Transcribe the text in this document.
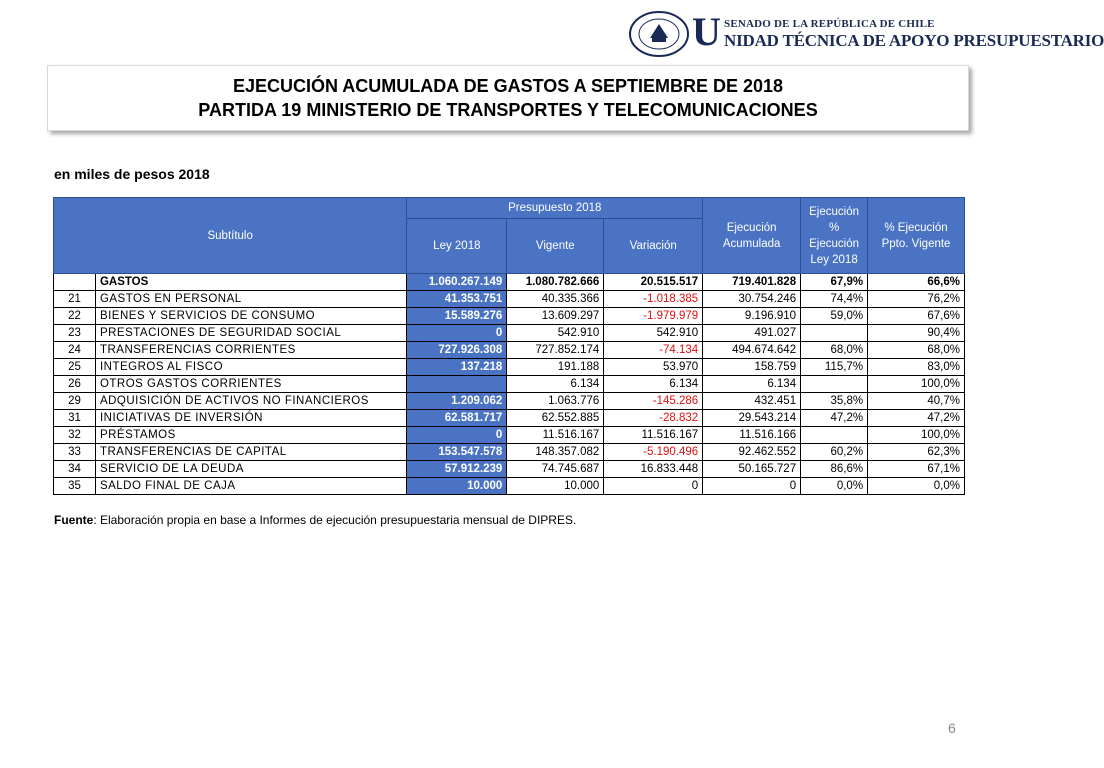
U SENADO DE LA REPÚBLICA DE CHILE
NIDAD TÉCNICA DE APOYO PRESUPUESTARIO
EJECUCIÓN ACUMULADA DE GASTOS A SEPTIEMBRE DE 2018
PARTIDA 19 MINISTERIO DE TRANSPORTES Y TELECOMUNICACIONES
en miles de pesos 2018
Subtítulo		Presupuesto 2018			Ejecución Acumulada	Ejecución % Ejecución Ley 2018	% Ejecución Ppto. Vigente
		Ley 2018	Vigente	Variación			
	GASTOS	1.060.267.149	1.080.782.666	20.515.517	719.401.828	67,9%	66,6%
21	GASTOS EN PERSONAL	41.353.751	40.335.366	-1.018.385	30.754.246	74,4%	76,2%
22	BIENES Y SERVICIOS DE CONSUMO	15.589.276	13.609.297	-1.979.979	9.196.910	59,0%	67,6%
23	PRESTACIONES DE SEGURIDAD SOCIAL	0	542.910	542.910	491.027		90,4%
24	TRANSFERENCIAS CORRIENTES	727.926.308	727.852.174	-74.134	494.674.642	68,0%	68,0%
25	INTEGROS AL FISCO	137.218	191.188	53.970	158.759	115,7%	83,0%
26	OTROS GASTOS CORRIENTES		6.134	6.134	6.134		100,0%
29	ADQUISICIÓN DE ACTIVOS NO FINANCIEROS	1.209.062	1.063.776	-145.286	432.451	35,8%	40,7%
31	INICIATIVAS DE INVERSIÓN	62.581.717	62.552.885	-28.832	29.543.214	47,2%	47,2%
32	PRÉSTAMOS	0	11.516.167	11.516.167	11.516.166		100,0%
33	TRANSFERENCIAS DE CAPITAL	153.547.578	148.357.082	-5.190.496	92.462.552	60,2%	62,3%
34	SERVICIO DE LA DEUDA	57.912.239	74.745.687	16.833.448	50.165.727	86,6%	67,1%
35	SALDO FINAL DE CAJA	10.000	10.000	0	0	0,0%	0,0%
Fuente: Elaboración propia en base a Informes de ejecución presupuestaria mensual de DIPRES.
6
